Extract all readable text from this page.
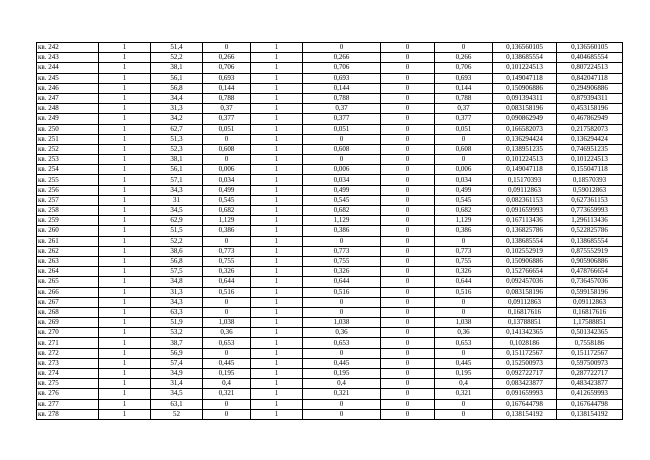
кв. 242	1	51,4	0	1	0	0	0	0,136560105	0,136560105
кв. 243	1	52,2	0,266	1	0,266	0	0,266	0,138685554	0,404685554
кв. 244	1	38,1	0,706	1	0,706	0	0,706	0,101224513	0,807224513
кв. 245	1	56,1	0,693	1	0,693	0	0,693	0,149047118	0,842047118
кв. 246	1	56,8	0,144	1	0,144	0	0,144	0,150906886	0,294906886
кв. 247	1	34,4	0,788	1	0,788	0	0,788	0,091394311	0,879394311
кв. 248	1	31,3	0,37	1	0,37	0	0,37	0,083158196	0,453158196
кв. 249	1	34,2	0,377	1	0,377	0	0,377	0,090862949	0,467862949
кв. 250	1	62,7	0,051	1	0,051	0	0,051	0,166582073	0,217582073
кв. 251	1	51,3	0	1	0	0	0	0,136294424	0,136294424
кв. 252	1	52,3	0,608	1	0,608	0	0,608	0,138951235	0,746951235
кв. 253	1	38,1	0	1	0	0	0	0,101224513	0,101224513
кв. 254	1	56,1	0,006	1	0,006	0	0,006	0,149047118	0,155047118
кв. 255	1	57,1	0,034	1	0,034	0	0,034	0,15170393	0,18570393
кв. 256	1	34,3	0,499	1	0,499	0	0,499	0,09112863	0,59012863
кв. 257	1	31	0,545	1	0,545	0	0,545	0,082361153	0,627361153
кв. 258	1	34,5	0,682	1	0,682	0	0,682	0,091659993	0,773659993
кв. 259	1	62,9	1,129	1	1,129	0	1,129	0,167113436	1,296113436
кв. 260	1	51,5	0,386	1	0,386	0	0,386	0,136825786	0,522825786
кв. 261	1	52,2	0	1	0	0	0	0,138685554	0,138685554
кв. 262	1	38,6	0,773	1	0,773	0	0,773	0,102552919	0,875552919
кв. 263	1	56,8	0,755	1	0,755	0	0,755	0,150906886	0,905906886
кв. 264	1	57,5	0,326	1	0,326	0	0,326	0,152766654	0,478766654
кв. 265	1	34,8	0,644	1	0,644	0	0,644	0,092457036	0,736457036
кв. 266	1	31,3	0,516	1	0,516	0	0,516	0,083158196	0,599158196
кв. 267	1	34,3	0	1	0	0	0	0,09112863	0,09112863
кв. 268	1	63,3	0	1	0	0	0	0,16817616	0,16817616
кв. 269	1	51,9	1,038	1	1,038	0	1,038	0,13788851	1,17588851
кв. 270	1	53,2	0,36	1	0,36	0	0,36	0,141342365	0,501342365
кв. 271	1	38,7	0,653	1	0,653	0	0,653	0,1028186	0,7558186
кв. 272	1	56,9	0	1	0	0	0	0,151172567	0,151172567
кв. 273	1	57,4	0,445	1	0,445	0	0,445	0,152500973	0,597500973
кв. 274	1	34,9	0,195	1	0,195	0	0,195	0,092722717	0,287722717
кв. 275	1	31,4	0,4	1	0,4	0	0,4	0,083423877	0,483423877
кв. 276	1	34,5	0,321	1	0,321	0	0,321	0,091659993	0,412659993
кв. 277	1	63,1	0	1	0	0	0	0,167644798	0,167644798
кв. 278	1	52	0	1	0	0	0	0,138154192	0,138154192
